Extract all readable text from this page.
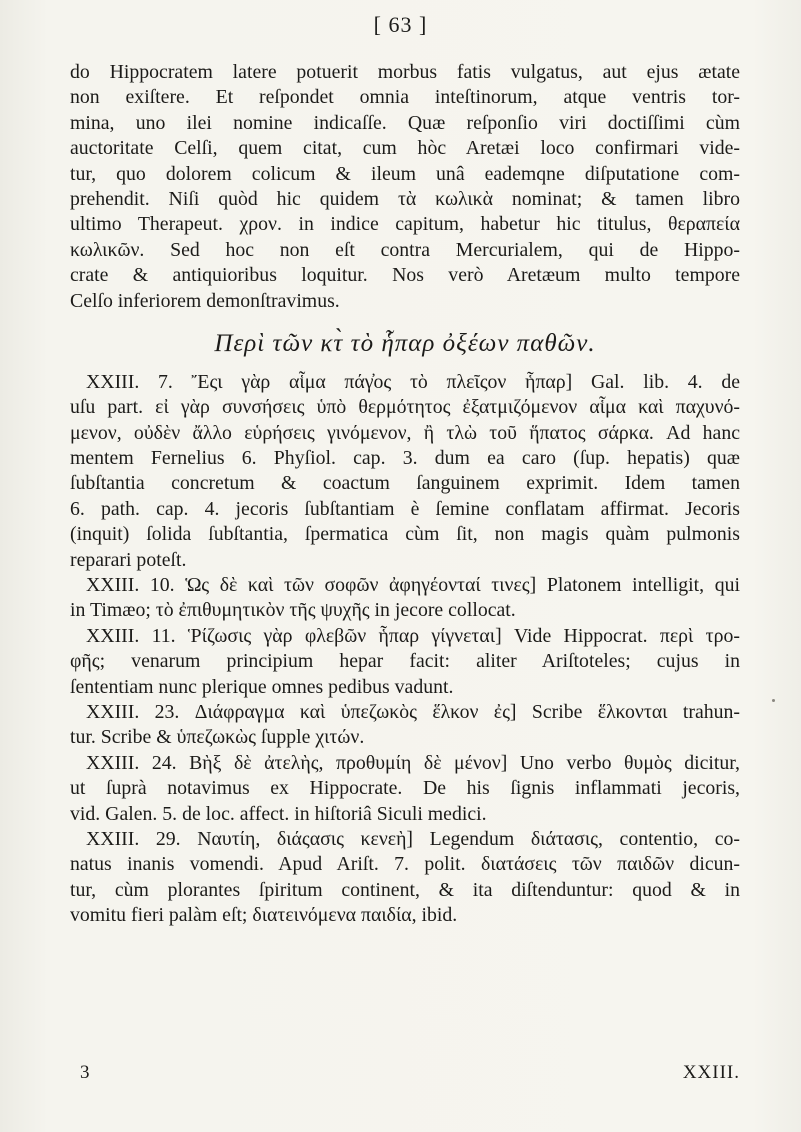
[ 63 ]
do Hippocratem latere potuerit morbus fatis vulgatus, aut ejus ætate
non exiſtere. Et reſpondet omnia inteſtinorum, atque ventris tor-
mina, uno ilei nomine indicaſſe. Quæ reſponſio viri doctiſſimi cùm
auctoritate Celſi, quem citat, cum hòc Aretæi loco confirmari vide-
tur, quo dolorem colicum & ileum unâ eademqne diſputatione com-
prehendit. Niſi quòd hic quidem τὰ κωλικὰ nominat; & tamen libro
ultimo Therapeut. χρον. in indice capitum, habetur hic titulus, θεραπεία
κωλικῶν. Sed hoc non eſt contra Mercurialem, qui de Hippo-
crate & antiquioribus loquitur. Nos verò Aretæum multo tempore
Celſo inferiorem demonſtravimus.
Περὶ τῶν κτ̀ τὸ ἧπαρ ὀξέων παθῶν.
XXIII. 7. Ἔςι γὰρ αἷμα πάγ̓ος τὸ πλεῖςον ἧπαρ] Gal. lib. 4. de
uſu part. εἰ γὰρ συνσήσεις ὑπὸ θερμότητος ἐξατμιζόμενον αἷμα καὶ παχυνό-
μενον, οὐδὲν ἄλλο εὑρήσεις γινόμενον, ἢ τλὼ τοῦ ἥπατος σάρκα. Ad hanc
mentem Fernelius 6. Phyſiol. cap. 3. dum ea caro (ſup. hepatis) quæ
ſubſtantia concretum & coactum ſanguinem exprimit. Idem tamen
6. path. cap. 4. jecoris ſubſtantiam è ſemine conflatam affirmat. Jecoris
(inquit) ſolida ſubſtantia, ſpermatica cùm ſit, non magis quàm pulmonis
reparari poteſt.
XXIII. 10. Ὡς δὲ καὶ τῶν σοφῶν ἀφηγέονταί τινες] Platonem intelligit, qui
in Timæo; τὸ ἐπιθυμητικὸν τῆς ψυχῆς in jecore collocat.
XXIII. 11. Ῥίζωσις γὰρ φλεβῶν ἧπαρ γίγνεται] Vide Hippocrat. περὶ τρο-
φῆς; venarum principium hepar facit: aliter Ariſtoteles; cujus in
ſententiam nunc plerique omnes pedibus vadunt.
XXIII. 23. Διάφραγμα καὶ ὑπεζωκὸς ἕλκον ἐς] Scribe ἕλκονται trahun-
tur. Scribe & ὑπεζωκὼς ſupple χιτών.
XXIII. 24. Βὴξ δὲ ἀτελὴς, προθυμίη δὲ μένον] Uno verbo θυμὸς dicitur,
ut ſuprà notavimus ex Hippocrate. De his ſignis inflammati jecoris,
vid. Galen. 5. de loc. affect. in hiſtoriâ Siculi medici.
XXIII. 29. Ναυτίη, διάςασις κενεὴ] Legendum διάτασις, contentio, co-
natus inanis vomendi. Apud Ariſt. 7. polit. διατάσεις τῶν παιδῶν dicun-
tur, cùm plorantes ſpiritum continent, & ita diſtenduntur: quod & in
vomitu fieri palàm eſt; διατεινόμενα παιδία, ibid.
3	XXIII.
